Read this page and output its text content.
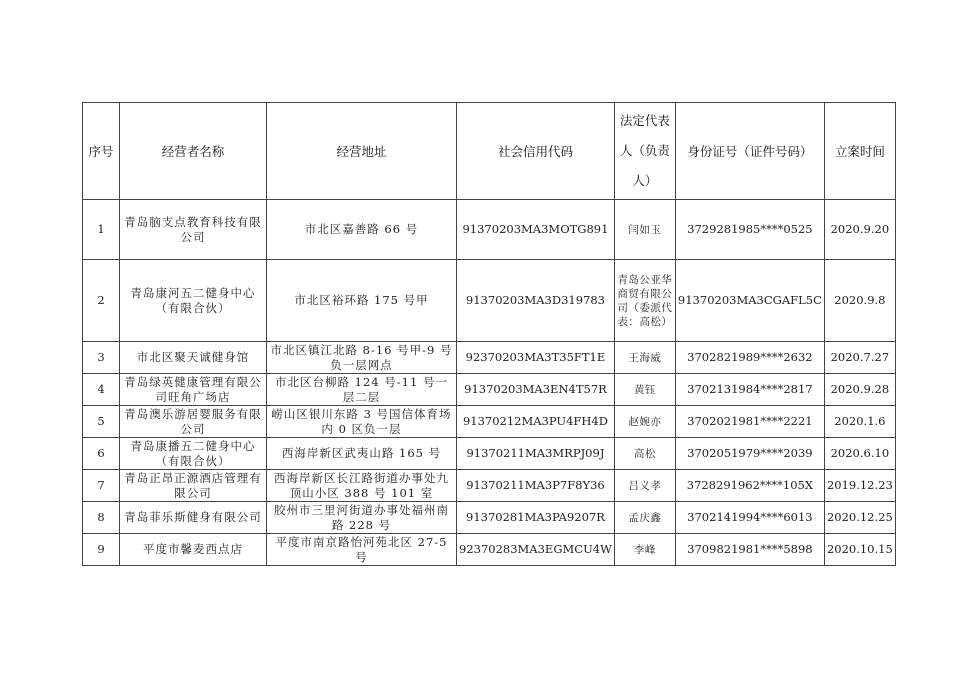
序号	经营者名称	经营地址	社会信用代码	法定代表人（负责人）	身份证号（证件号码）	立案时间
1	青岛脑支点教育科技有限公司	市北区嘉善路 66 号	91370203MA3MOTG891	闫如玉	3729281985****0525	2020.9.20
2	青岛康河五二健身中心（有限合伙）	市北区裕环路 175 号甲	91370203MA3D319783	青岛公亚华商贸有限公司（委派代表：高松）	91370203MA3CGAFL5C	2020.9.8
3	市北区聚天诚健身馆	市北区镇江北路 8-16 号甲-9 号负一层网点	92370203MA3T35FT1E	王海威	3702821989****2632	2020.7.27
4	青岛绿英健康管理有限公司旺角广场店	市北区台柳路 124 号-11 号一层二层	91370203MA3EN4T57R	黄钰	3702131984****2817	2020.9.28
5	青岛澳乐游居婴服务有限公司	崂山区银川东路 3 号国信体育场内 0 区负一层	91370212MA3PU4FH4D	赵婉亦	3702021981****2221	2020.1.6
6	青岛康播五二健身中心（有限合伙）	西海岸新区武夷山路 165 号	91370211MA3MRPJ09J	高松	3702051979****2039	2020.6.10
7	青岛正昂正源酒店管理有限公司	西海岸新区长江路街道办事处九顶山小区 388 号 101 室	91370211MA3P7F8Y36	吕义孝	3728291962****105X	2019.12.23
8	青岛菲乐斯健身有限公司	胶州市三里河街道办事处福州南路 228 号	91370281MA3PA9207R	孟庆鑫	3702141994****6013	2020.12.25
9	平度市馨麦西点店	平度市南京路怡河苑北区 27-5 号	92370283MA3EGMCU4W	李峰	3709821981****5898	2020.10.15
